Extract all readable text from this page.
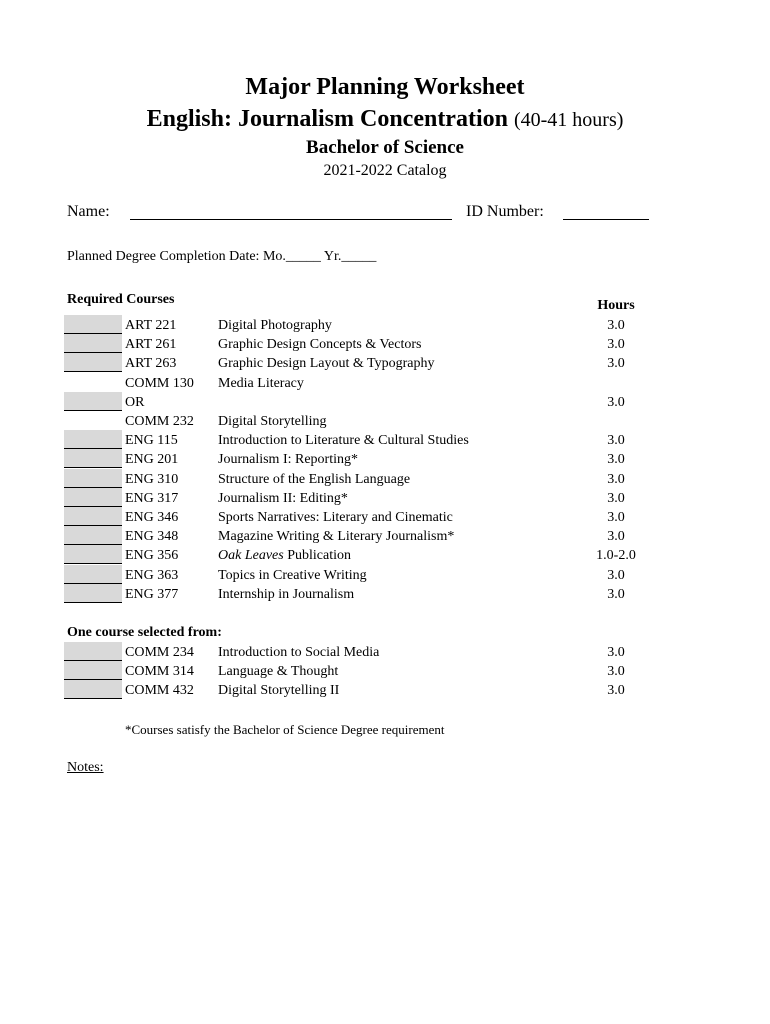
Major Planning Worksheet
English: Journalism Concentration (40-41 hours)
Bachelor of Science
2021-2022 Catalog
Name:	ID Number:
Planned Degree Completion Date: Mo._____ Yr._____
Required Courses	Hours
ART 221	Digital Photography	3.0
ART 261	Graphic Design Concepts & Vectors	3.0
ART 263	Graphic Design Layout & Typography	3.0
COMM 130 Media Literacy
OR	3.0
COMM 232 Digital Storytelling
ENG 115	Introduction to Literature & Cultural Studies	3.0
ENG 201	Journalism I: Reporting*	3.0
ENG 310	Structure of the English Language	3.0
ENG 317	Journalism II: Editing*	3.0
ENG 346	Sports Narratives: Literary and Cinematic	3.0
ENG 348	Magazine Writing & Literary Journalism*	3.0
ENG 356	Oak Leaves Publication	1.0-2.0
ENG 363	Topics in Creative Writing	3.0
ENG 377	Internship in Journalism	3.0
One course selected from:
COMM 234 Introduction to Social Media	3.0
COMM 314 Language & Thought	3.0
COMM 432 Digital Storytelling II	3.0
*Courses satisfy the Bachelor of Science Degree requirement
Notes:
